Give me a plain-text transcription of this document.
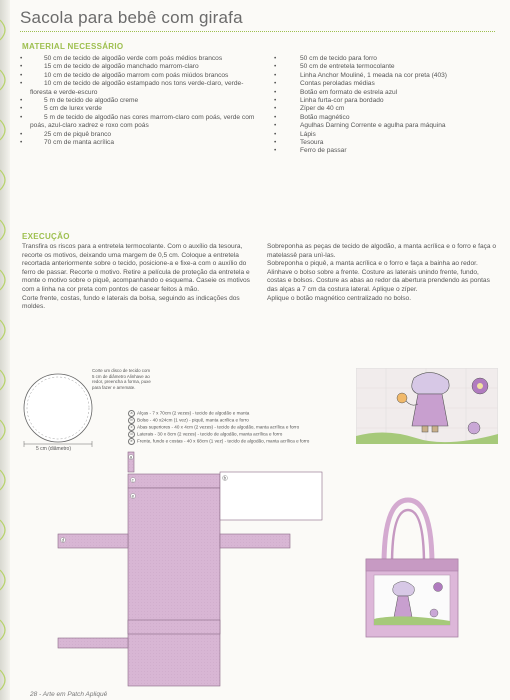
Sacola para bebê com girafa
MATERIAL NECESSÁRIO
•	50 cm de tecido de algodão verde com poás médios brancos
•	15 cm de tecido de algodão manchado marrom-claro
•	10 cm de tecido de algodão marrom com poás miúdos brancos
•	10 cm de tecido de algodão estampado nos tons verde-claro, verde-floresta e verde-escuro
•	5 m de tecido de algodão creme
•	5 cm de lurex verde
•	5 m de tecido de algodão nas cores marrom-claro com poás, verde com poás, azul-claro xadrez e roxo com poás
•	25 cm de piquê branco
•	70 cm de manta acrílica
•	50 cm de tecido para forro
•	50 cm de entretela termocolante
•	Linha Anchor Mouliné, 1 meada na cor preta (403)
•	Contas peroladas médias
•	Botão em formato de estrela azul
•	Linha furta-cor para bordado
•	Zíper de 40 cm
•	Botão magnético
•	Agulhas Darning Corrente e agulha para máquina
•	Lápis
•	Tesoura
•	Ferro de passar
EXECUÇÃO

Transfira os riscos para a entretela termocolante. Com o auxílio da tesoura, recorte os motivos, deixando uma margem de 0,5 cm. Coloque a entretela recortada anteriormente sobre o tecido, posicione-a e fixe-a com o auxílio do ferro de passar. Recorte o motivo. Retire a película de proteção da entretela e monte o motivo sobre o piquê, acompanhando o esquema. Caseie os motivos com a linha na cor preta com pontos de casear feitos à mão.

Corte frente, costas, fundo e laterais da bolsa, seguindo as indicações dos moldes.

Sobreponha as peças de tecido de algodão, a manta acrílica e o forro e faça o matelassê para unì-las.

Sobreponha o piquê, a manta acrílica e o forro e faça a bainha ao redor.

Alinhave o bolso sobre a frente. Costure as laterais unindo frente, fundo, costas e bolsos. Costure as abas ao redor da abertura prendendo as pontas das alças a 7 cm da costura lateral. Aplique o zíper.

Aplique o botão magnético centralizado no bolso.

5 cm (diâmetro)
Corte um disco de tecido com 5 cm de diâmetro Alinhave ao redor, preencha a forma, puxe para fazer e arremate.
a Alças - 7 x 70cm (2 vezes) - tecido de algodão e manta
b Bolso - 40 x24cm (1 vez) - piquê, manta acrílica e forro
c Abas superiores - 40 x 4cm (2 vezes) - tecido de algodão, manta acrílica e forro
d Laterais - 30 x 8cm (2 vezes) - tecido de algodão, manta acrílica e forro
e Frente, fundo e costas - 40 x 68cm (1 vez) - tecido de algodão, manta acrílica e forro
a
b
c
d
e
28 - Arte em Patch Apliquê
